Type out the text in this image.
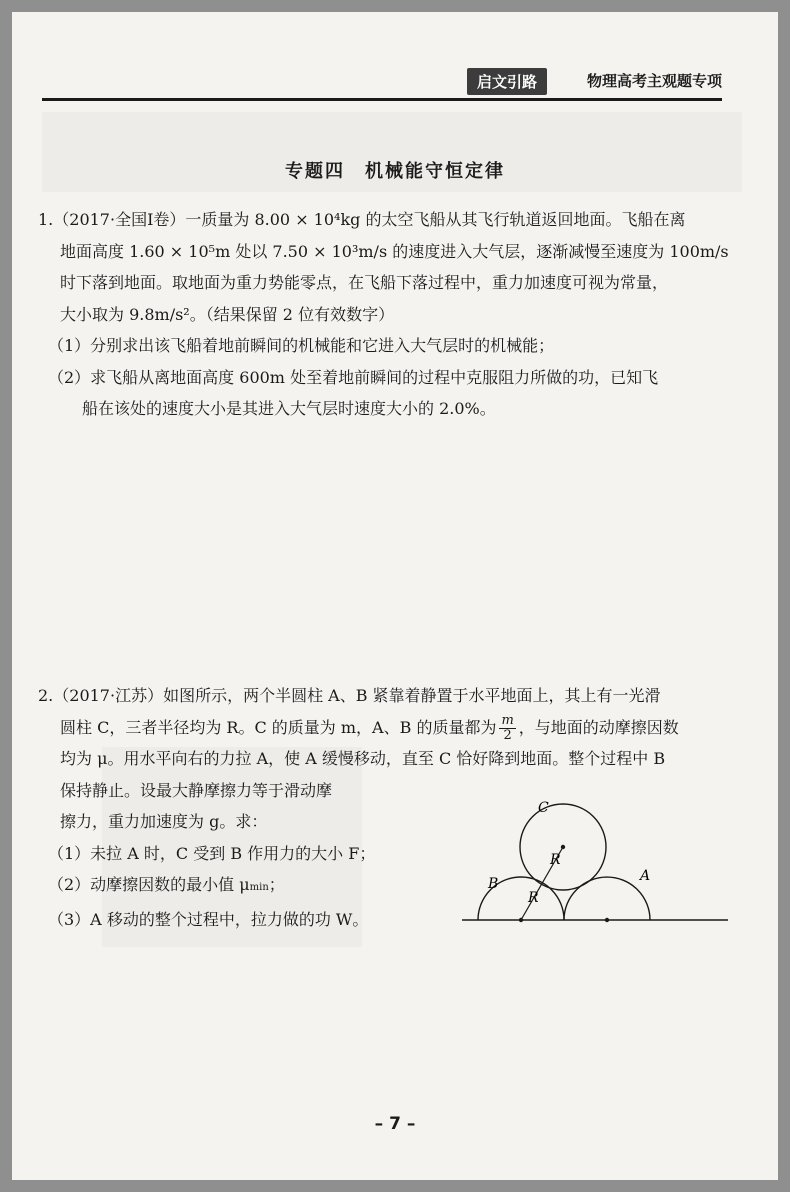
启文引路	物理高考主观题专项
专题四 机械能守恒定律
1.（2017·全国Ⅰ卷）一质量为 8.00 × 10⁴kg 的太空飞船从其飞行轨道返回地面。飞船在离
地面高度 1.60 × 10⁵m 处以 7.50 × 10³m/s 的速度进入大气层，逐渐减慢至速度为 100m/s
时下落到地面。取地面为重力势能零点，在飞船下落过程中，重力加速度可视为常量，
大小取为 9.8m/s²。（结果保留 2 位有效数字）
（1）分别求出该飞船着地前瞬间的机械能和它进入大气层时的机械能；
（2）求飞船从离地面高度 600m 处至着地前瞬间的过程中克服阻力所做的功，已知飞
船在该处的速度大小是其进入大气层时速度大小的 2.0%。
2.（2017·江苏）如图所示，两个半圆柱 A、B 紧靠着静置于水平地面上，其上有一光滑
圆柱 C，三者半径均为 R。C 的质量为 m，A、B 的质量都为 $\frac{m}{2}$ ，与地面的动摩擦因数
均为 μ。用水平向右的力拉 A，使 A 缓慢移动，直至 C 恰好降到地面。整个过程中 B
保持静止。设最大静摩擦力等于滑动摩
擦力，重力加速度为 g。求：
（1）未拉 A 时，C 受到 B 作用力的大小 F；
（2）动摩擦因数的最小值 μmin；
（3）A 移动的整个过程中，拉力做的功 W。
C
R
R
B	A
– 7 –
